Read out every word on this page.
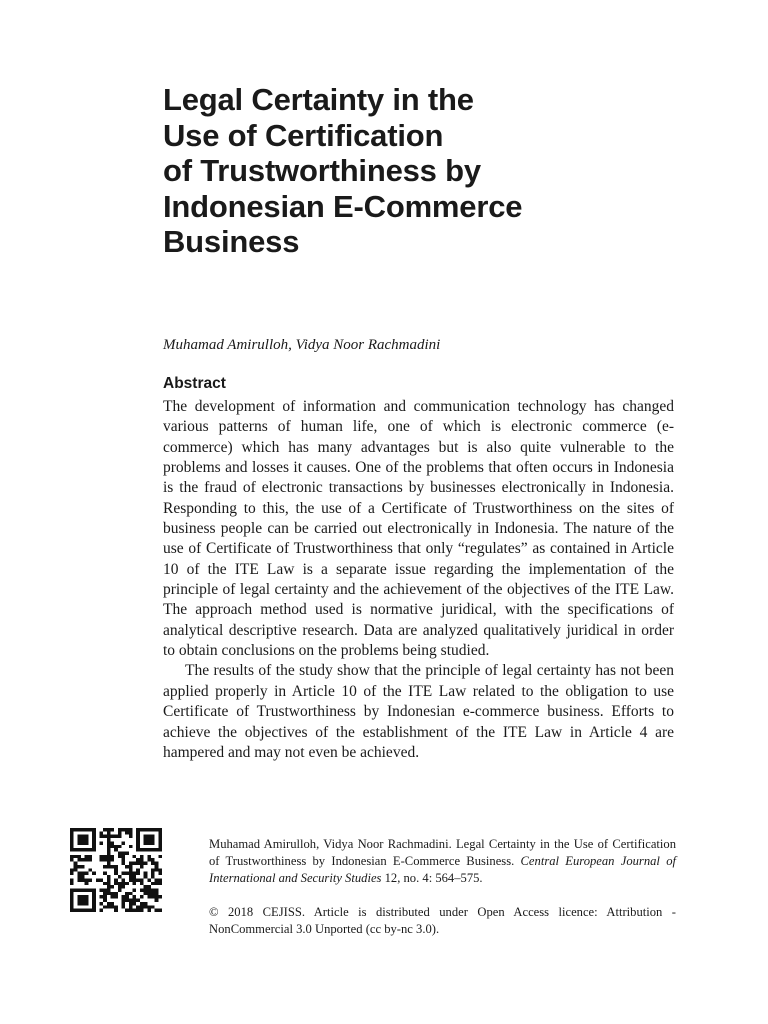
Legal Certainty in the
Use of Certification
of Trustworthiness by
Indonesian E-Commerce
Business
Muhamad Amirulloh, Vidya Noor Rachmadini
Abstract

The development of information and communication technology has changed various patterns of human life, one of which is electronic commerce (e-commerce) which has many advantages but is also quite vulnerable to the problems and losses it causes. One of the problems that often occurs in Indonesia is the fraud of electronic transactions by businesses electronically in Indonesia. Responding to this, the use of a Certificate of Trustworthiness on the sites of business people can be carried out electronically in Indonesia. The nature of the use of Certificate of Trustworthiness that only “regulates” as contained in Article 10 of the ITE Law is a separate issue regarding the implementation of the principle of legal certainty and the achievement of the objectives of the ITE Law. The approach method used is normative juridical, with the specifications of analytical descriptive research. Data are analyzed qualitatively juridical in order to obtain conclusions on the problems being studied.

The results of the study show that the principle of legal certainty has not been applied properly in Article 10 of the ITE Law related to the obligation to use Certificate of Trustworthiness by Indonesian e-commerce business. Efforts to achieve the objectives of the establishment of the ITE Law in Article 4 are hampered and may not even be achieved.

Muhamad Amirulloh, Vidya Noor Rachmadini. Legal Certainty in the Use of Certification of Trustworthiness by Indonesian E-Commerce Business. Central European Journal of International and Security Studies 12, no. 4: 564–575.

© 2018 CEJISS. Article is distributed under Open Access licence: Attribution - NonCommercial 3.0 Unported (cc by-nc 3.0).
